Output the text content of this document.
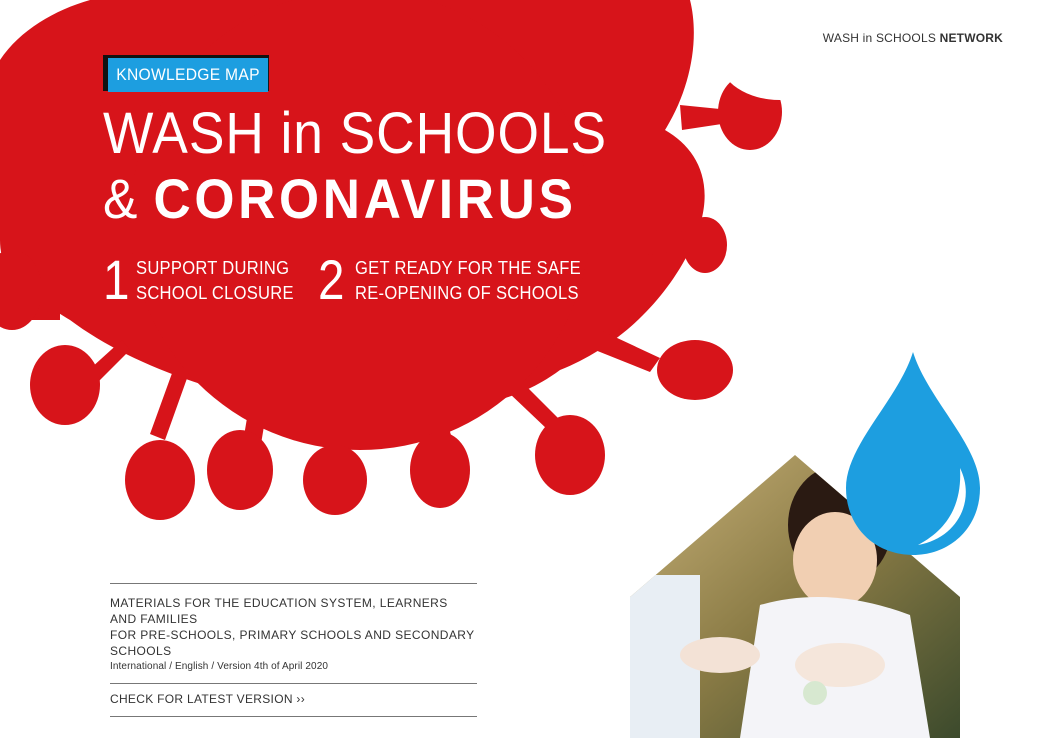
WASH in SCHOOLS NETWORK
KNOWLEDGE MAP
WASH in SCHOOLS
& CORONAVIRUS
1 SUPPORT DURING
SCHOOL CLOSURE 2 GET READY FOR THE SAFE
RE-OPENING OF SCHOOLS
MATERIALS FOR THE EDUCATION SYSTEM, LEARNERS AND FAMILIES
FOR PRE-SCHOOLS, PRIMARY SCHOOLS AND SECONDARY SCHOOLS
International / English / Version 4th of April 2020
CHECK FOR LATEST VERSION ››
